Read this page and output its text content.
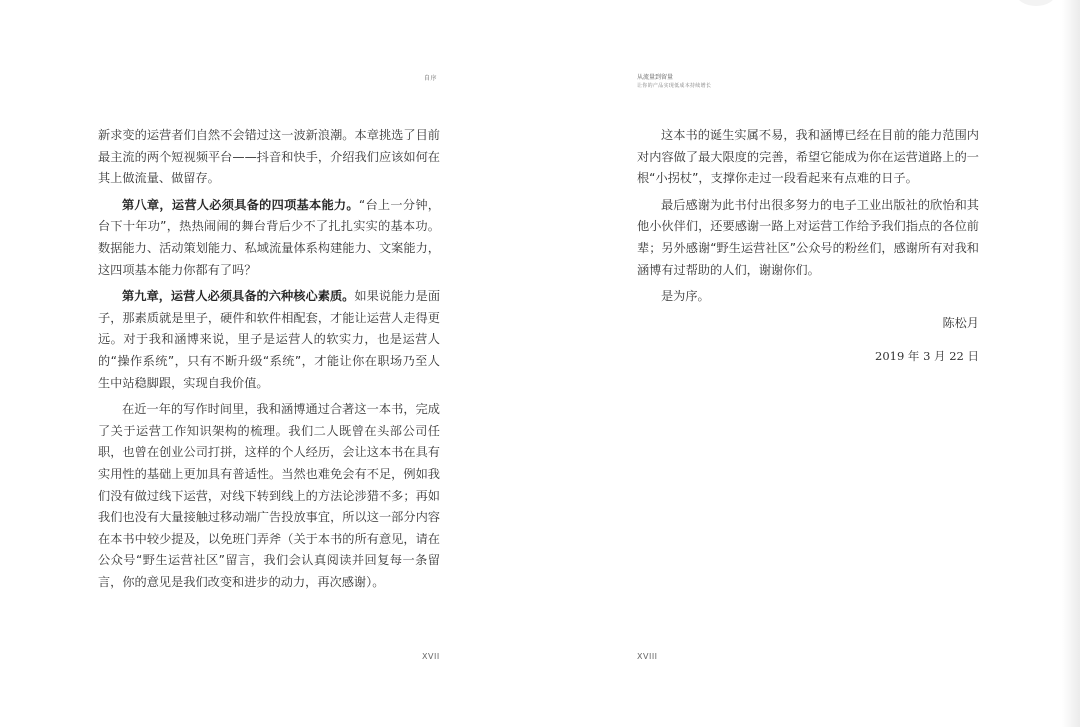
自序

新求变的运营者们自然不会错过这一波新浪潮。本章挑选了目前最主流的两个短视频平台——抖音和快手，介绍我们应该如何在其上做流量、做留存。

第八章，运营人必须具备的四项基本能力。“台上一分钟，台下十年功”，热热闹闹的舞台背后少不了扎扎实实的基本功。数据能力、活动策划能力、私域流量体系构建能力、文案能力，这四项基本能力你都有了吗？

第九章，运营人必须具备的六种核心素质。如果说能力是面子，那素质就是里子，硬件和软件相配套，才能让运营人走得更远。对于我和涵博来说，里子是运营人的软实力，也是运营人的“操作系统”，只有不断升级“系统”，才能让你在职场乃至人生中站稳脚跟，实现自我价值。

在近一年的写作时间里，我和涵博通过合著这一本书，完成了关于运营工作知识架构的梳理。我们二人既曾在头部公司任职，也曾在创业公司打拼，这样的个人经历，会让这本书在具有实用性的基础上更加具有普适性。当然也难免会有不足，例如我们没有做过线下运营，对线下转到线上的方法论涉猎不多；再如我们也没有大量接触过移动端广告投放事宜，所以这一部分内容在本书中较少提及，以免班门弄斧（关于本书的所有意见，请在公众号“野生运营社区”留言，我们会认真阅读并回复每一条留言，你的意见是我们改变和进步的动力，再次感谢）。

XVII
从流量到留量
让你的产品实现低成本持续增长

这本书的诞生实属不易，我和涵博已经在目前的能力范围内对内容做了最大限度的完善，希望它能成为你在运营道路上的一根“小拐杖”，支撑你走过一段看起来有点难的日子。

最后感谢为此书付出很多努力的电子工业出版社的欣怡和其他小伙伴们，还要感谢一路上对运营工作给予我们指点的各位前辈；另外感谢“野生运营社区”公众号的粉丝们，感谢所有对我和涵博有过帮助的人们，谢谢你们。

是为序。

陈松月

2019 年 3 月 22 日

XVIII
